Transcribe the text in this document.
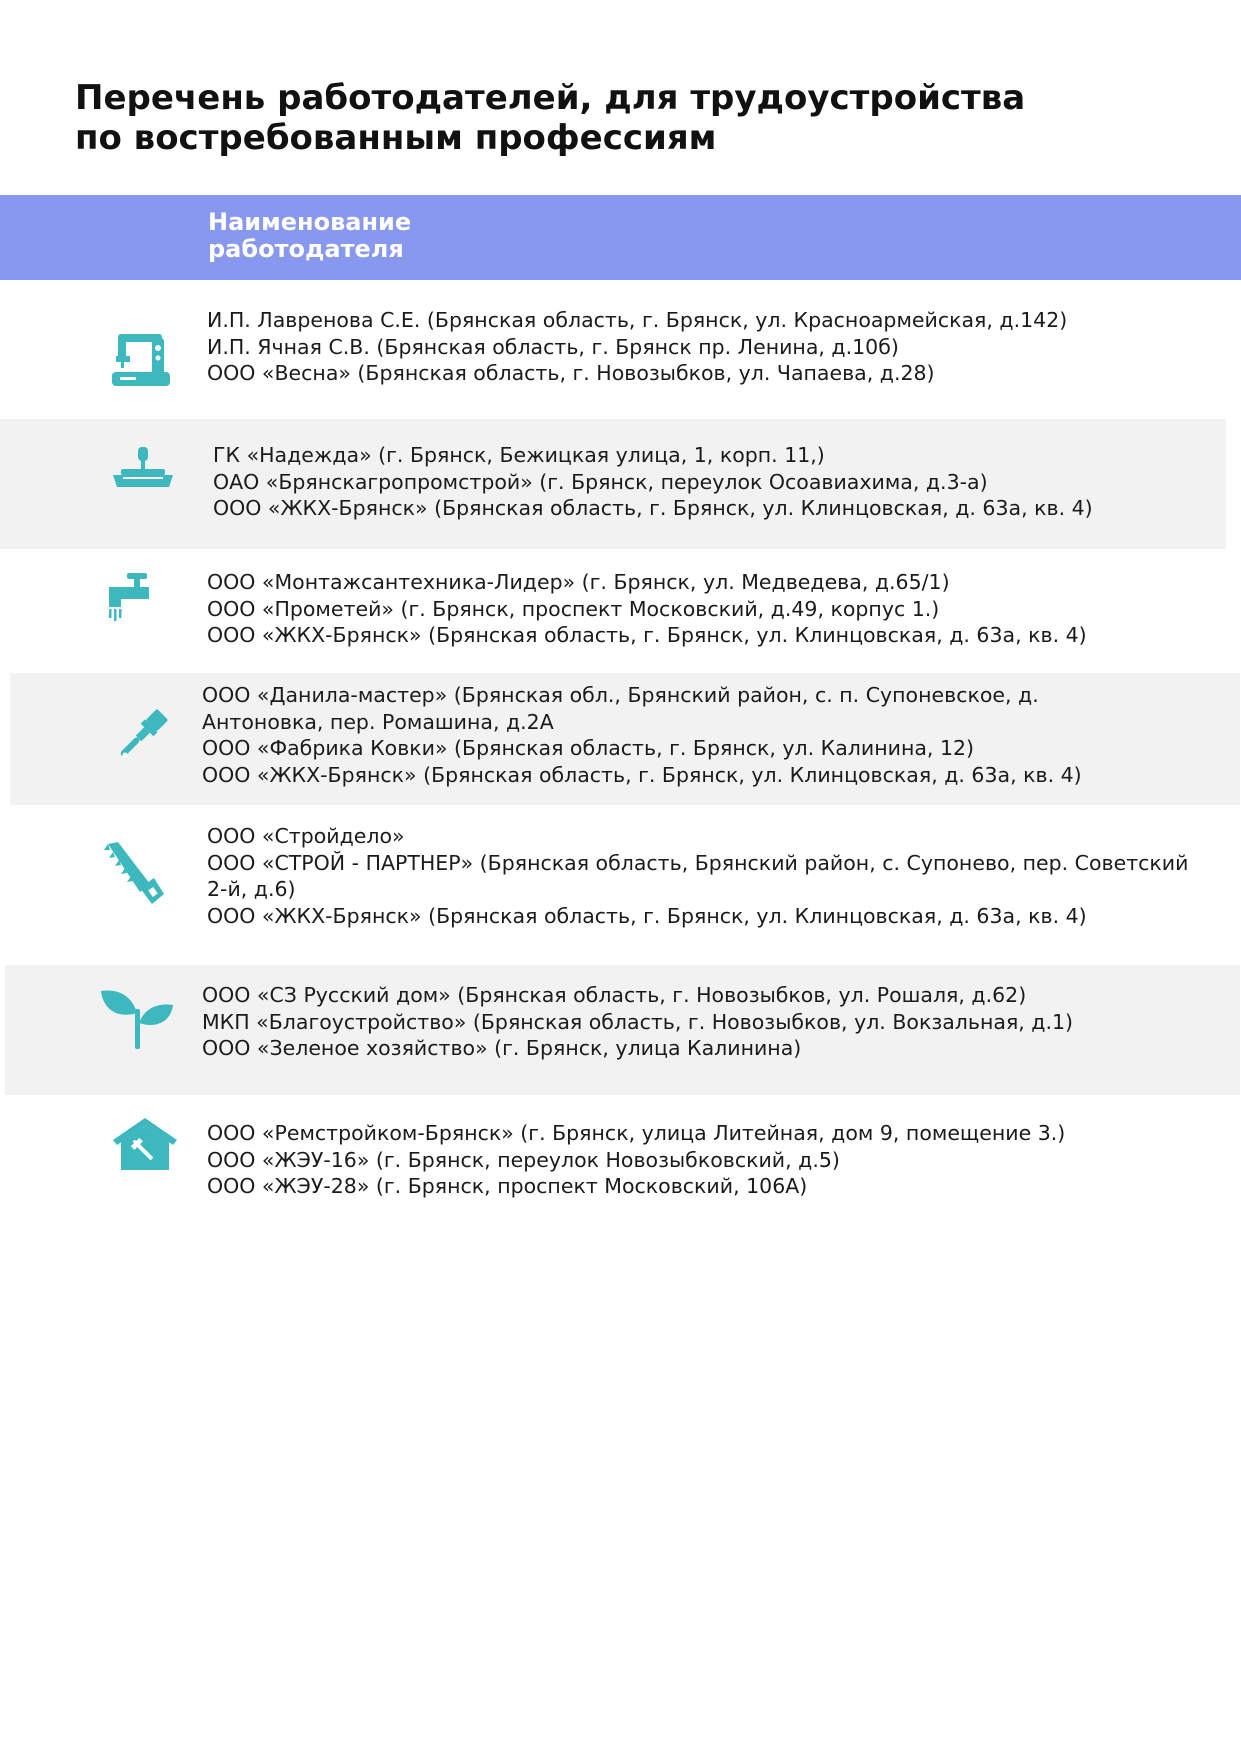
Перечень работодателей, для трудоустройства
по востребованным профессиям
Наименование
работодателя
И.П. Лавренова С.Е. (Брянская область, г. Брянск, ул. Красноармейская, д.142)
И.П. Ячная С.В. (Брянская область, г. Брянск пр. Ленина, д.10б)
ООО «Весна» (Брянская область, г. Новозыбков, ул. Чапаева, д.28)
ГК «Надежда» (г. Брянск, Бежицкая улица, 1, корп. 11,)
ОАО «Брянскагропромстрой» (г. Брянск, переулок Осоавиахима, д.3-а)
ООО «ЖКХ-Брянск» (Брянская область, г. Брянск, ул. Клинцовская, д. 63а, кв. 4)
ООО «Монтажсантехника-Лидер» (г. Брянск, ул. Медведева, д.65/1)
ООО «Прометей» (г. Брянск, проспект Московский, д.49, корпус 1.)
ООО «ЖКХ-Брянск» (Брянская область, г. Брянск, ул. Клинцовская, д. 63а, кв. 4)
ООО «Данила-мастер» (Брянская обл., Брянский район, с. п. Супоневское, д.
Антоновка, пер. Ромашина, д.2А
ООО «Фабрика Ковки» (Брянская область, г. Брянск, ул. Калинина, 12)
ООО «ЖКХ-Брянск» (Брянская область, г. Брянск, ул. Клинцовская, д. 63а, кв. 4)
ООО «Стройдело»
ООО «СТРОЙ - ПАРТНЕР» (Брянская область, Брянский район, с. Супонево, пер. Советский
2-й, д.6)
ООО «ЖКХ-Брянск» (Брянская область, г. Брянск, ул. Клинцовская, д. 63а, кв. 4)
ООО «СЗ Русский дом» (Брянская область, г. Новозыбков, ул. Рошаля, д.62)
МКП «Благоустройство» (Брянская область, г. Новозыбков, ул. Вокзальная, д.1)
ООО «Зеленое хозяйство» (г. Брянск, улица Калинина)
ООО «Ремстройком-Брянск» (г. Брянск, улица Литейная, дом 9, помещение 3.)
ООО «ЖЭУ-16» (г. Брянск, переулок Новозыбковский, д.5)
ООО «ЖЭУ-28» (г. Брянск, проспект Московский, 106А)
